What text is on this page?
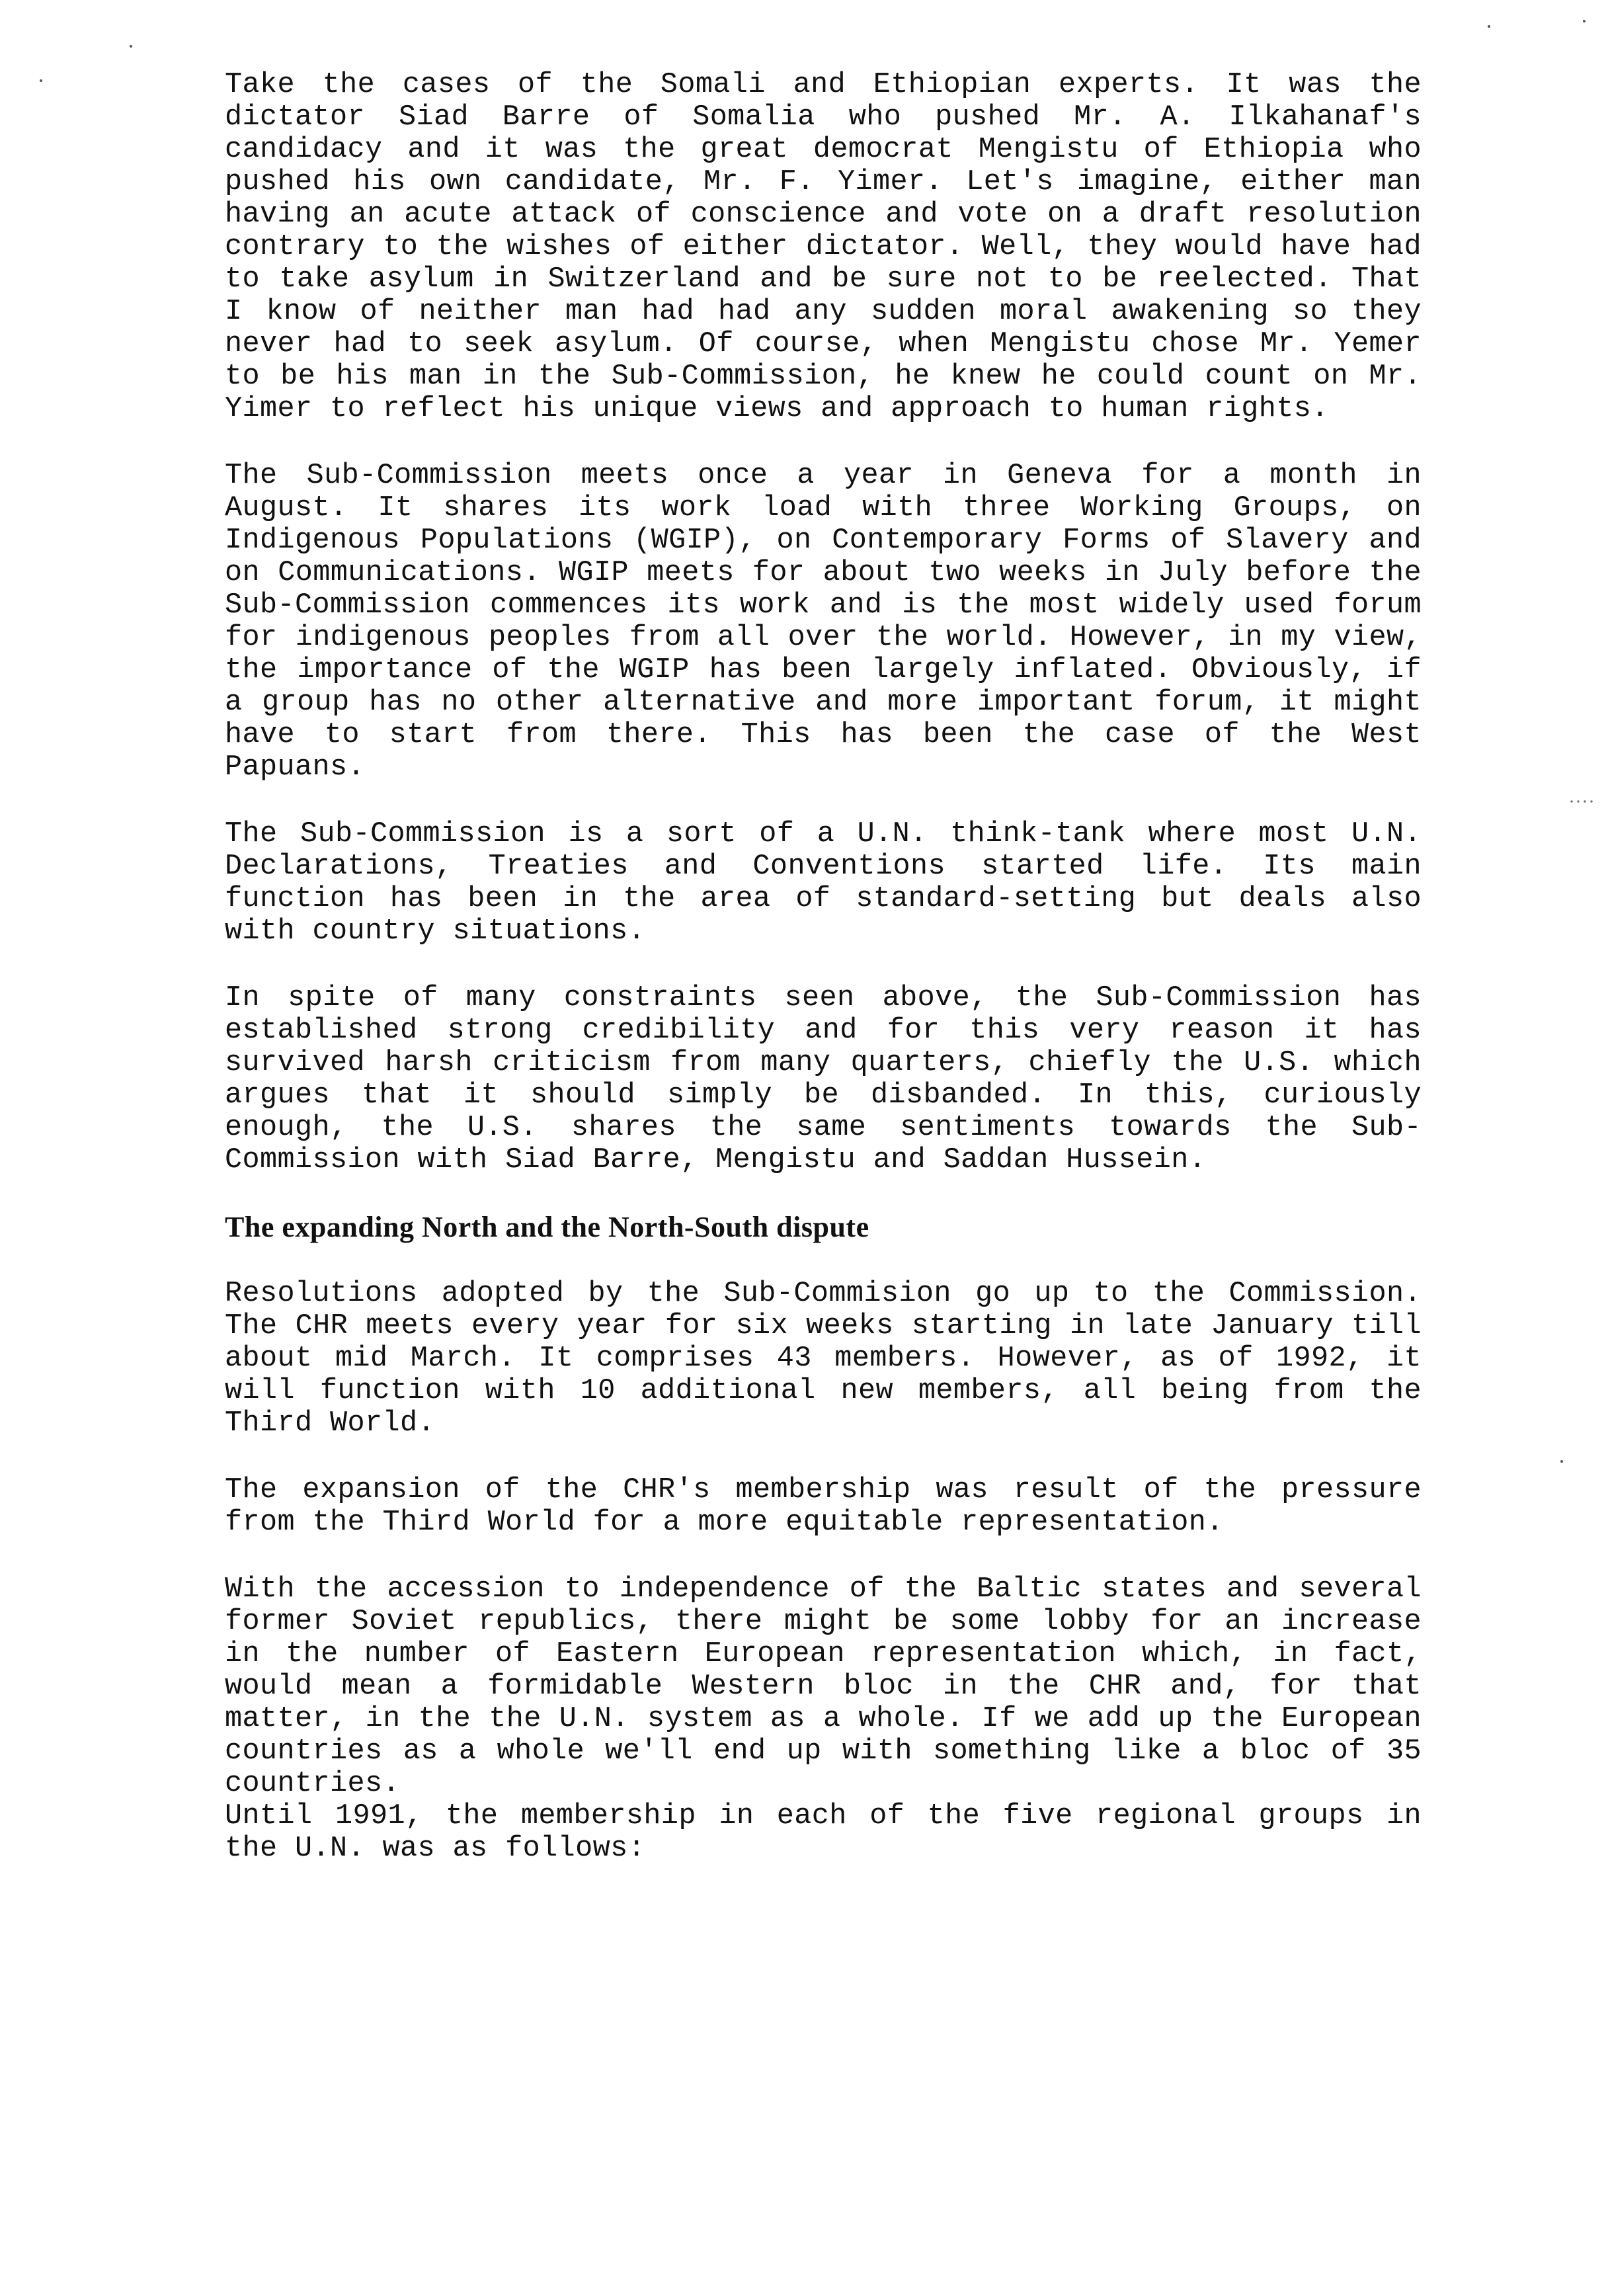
Take the cases of the Somali and Ethiopian experts. It was the dictator Siad Barre of Somalia who pushed Mr. A. Ilkahanaf's candidacy and it was the great democrat Mengistu of Ethiopia who pushed his own candidate, Mr. F. Yimer. Let's imagine, either man having an acute attack of conscience and vote on a draft resolution contrary to the wishes of either dictator. Well, they would have had to take asylum in Switzerland and be sure not to be reelected. That I know of neither man had had any sudden moral awakening so they never had to seek asylum. Of course, when Mengistu chose Mr. Yemer to be his man in the Sub-Commission, he knew he could count on Mr. Yimer to reflect his unique views and approach to human rights.

The Sub-Commission meets once a year in Geneva for a month in August. It shares its work load with three Working Groups, on Indigenous Populations (WGIP), on Contemporary Forms of Slavery and on Communications. WGIP meets for about two weeks in July before the Sub-Commission commences its work and is the most widely used forum for indigenous peoples from all over the world. However, in my view, the importance of the WGIP has been largely inflated. Obviously, if a group has no other alternative and more important forum, it might have to start from there. This has been the case of the West Papuans.

The Sub-Commission is a sort of a U.N. think-tank where most U.N. Declarations, Treaties and Conventions started life. Its main function has been in the area of standard-setting but deals also with country situations.

In spite of many constraints seen above, the Sub-Commission has established strong credibility and for this very reason it has survived harsh criticism from many quarters, chiefly the U.S. which argues that it should simply be disbanded. In this, curiously enough, the U.S. shares the same sentiments towards the Sub-Commission with Siad Barre, Mengistu and Saddan Hussein.

The expanding North and the North-South dispute

Resolutions adopted by the Sub-Commision go up to the Commission. The CHR meets every year for six weeks starting in late January till about mid March. It comprises 43 members. However, as of 1992, it will function with 10 additional new members, all being from the Third World.

The expansion of the CHR's membership was result of the pressure from the Third World for a more equitable representation.

With the accession to independence of the Baltic states and several former Soviet republics, there might be some lobby for an increase in the number of Eastern European representation which, in fact, would mean a formidable Western bloc in the CHR and, for that matter, in the the U.N. system as a whole. If we add up the European countries as a whole we'll end up with something like a bloc of 35 countries.

Until 1991, the membership in each of the five regional groups in the U.N. was as follows:
